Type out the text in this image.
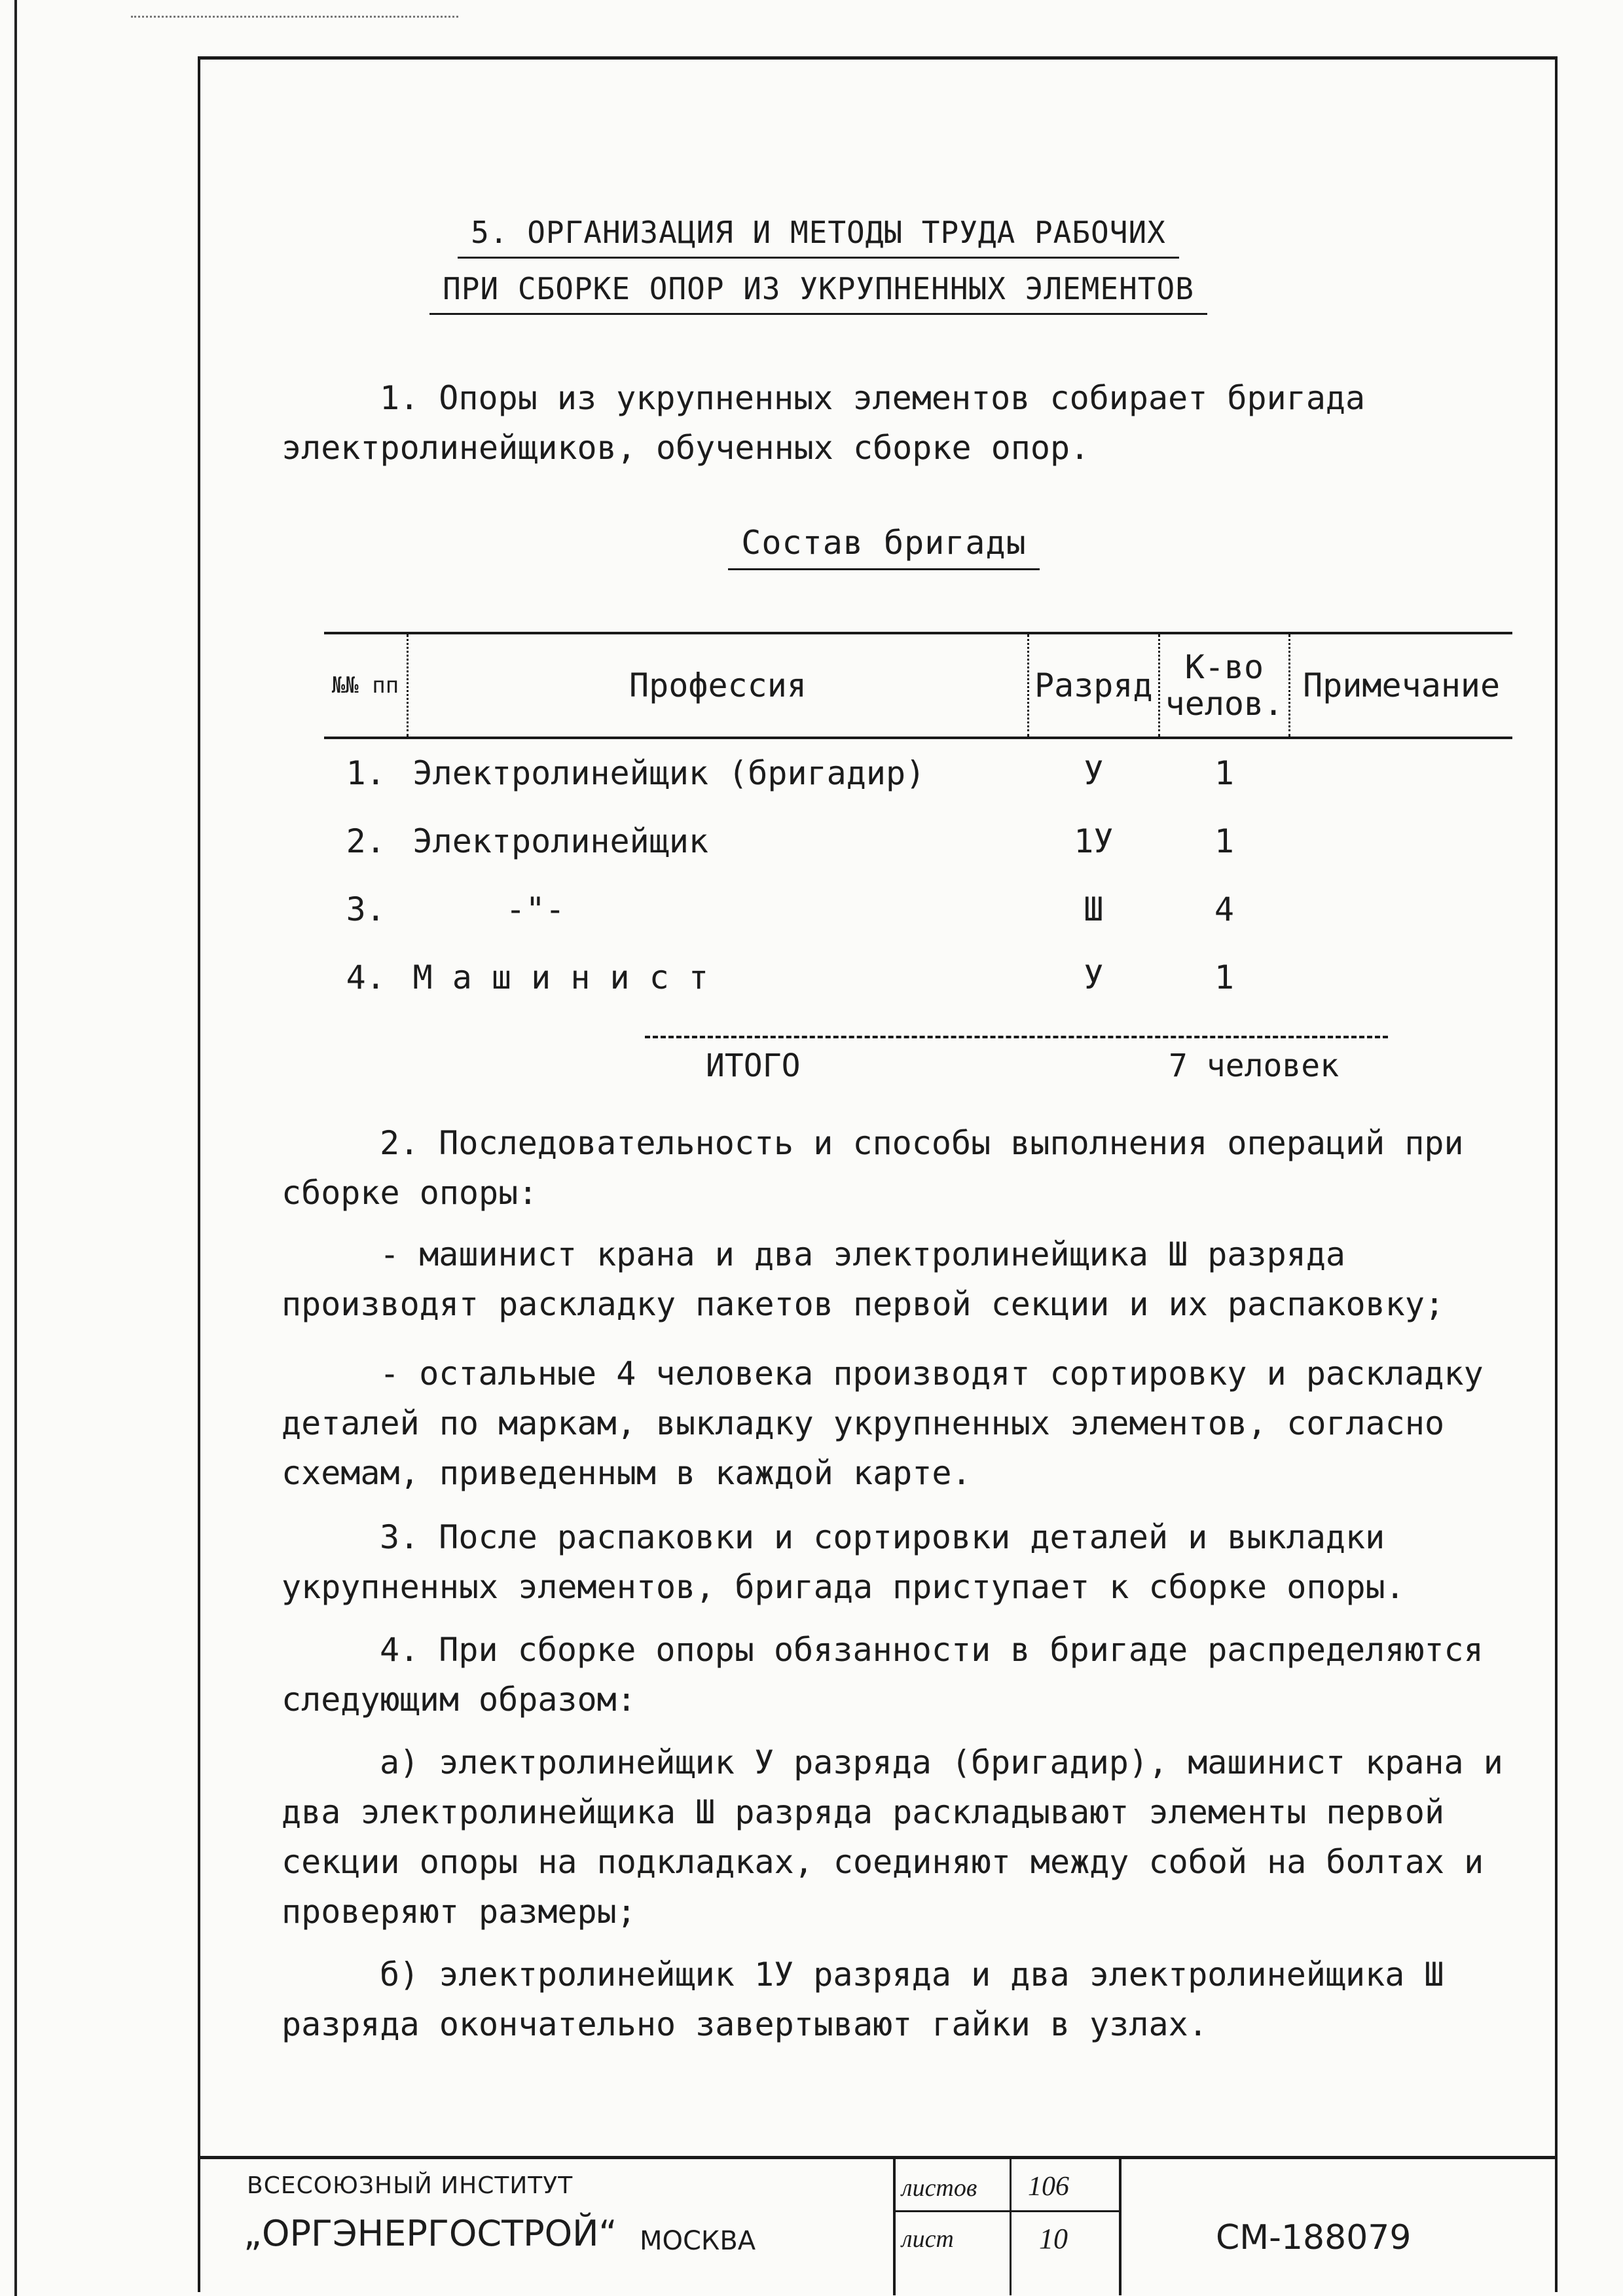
5. ОРГАНИЗАЦИЯ И МЕТОДЫ ТРУДА РАБОЧИХ
ПРИ СБОРКЕ ОПОР ИЗ УКРУПНЕННЫХ ЭЛЕМЕНТОВ

1. Опоры из укрупненных элементов собирает бригада электролинейщиков, обученных сборке опор.

Состав бригады
№№ пп	Профессия	Разряд	К-во челов.	Примечание
1.	Электролинейщик (бригадир)	У	1	
2.	Электролинейщик	1У	1	
3.	-"-	Ш	4	
4.	М а ш и н и с т	У	1	
ИТОГО	7 человек

2. Последовательность и способы выполнения операций при сборке опоры:

- машинист крана и два электролинейщика Ш разряда производят раскладку пакетов первой секции и их распаковку;

- остальные 4 человека производят сортировку и раскладку деталей по маркам, выкладку укрупненных элементов, согласно схемам, приведенным в каждой карте.

3. После распаковки и сортировки деталей и выкладки укрупненных элементов, бригада приступает к сборке опоры.

4. При сборке опоры обязанности в бригаде распределяются следующим образом:

а) электролинейщик У разряда (бригадир), машинист крана и два электролинейщика Ш разряда раскладывают элементы первой секции опоры на подкладках, соединяют между собой на болтах и проверяют размеры;

б) электролинейщик 1У разряда и два электролинейщика Ш разряда окончательно завертывают гайки в узлах.

ВСЕСОЮЗНЫЙ ИНСТИТУТ
„ОРГЭНЕРГОСТРОЙ“ МОСКВА
листов 106
лист	10	СМ-188079
